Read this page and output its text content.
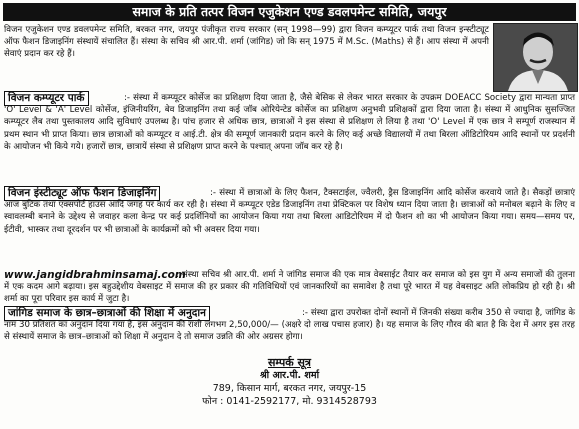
समाज के प्रति तत्पर विजन एजुकेशन एण्ड डवलपमेन्ट समिति, जयपुर
विजन एजुकेशन एण्ड डवलपमेन्ट समिति, बरकत नगर, जयपुर पंजीकृत राज्य सरकार (सन् 1998—99) द्वारा विजन कम्प्यूटर पार्क तथा विजन इन्स्टीट्यूट ऑफ फैशन डिजाइनिंग संस्थायें संचालित हैं। संस्था के सचिव श्री आर.पी. शर्मा (जांगिड) जो कि सन् 1975 में M.Sc. (Maths) से हैं। आप संस्था में अपनी सेवाएं प्रदान कर रहे हैं।
विजन कम्प्यूटर पार्क	:- संस्था में कम्प्यूटर कोर्सेज का प्रशिक्षण दिया जाता है, जैसे बेसिक से लेकर भारत सरकार के उपक्रम DOEACC Society द्वारा मान्यता प्राप्त 'O' Level & 'A' Level कोर्सेज, इंजिनीयरिंग, बेव डिजाइनिंग तथा कई जॉब ओरियेन्टेड कोर्सेज का प्रशिक्षण अनुभवी प्रशिक्षकों द्वारा दिया जाता है। संस्था में आधुनिक सुसज्जित कम्प्यूटर लैब तथा पुस्तकालय आदि सुविधाएं उपलब्ध है। पांच हजार से अधिक छात्र, छात्राओं ने इस संस्था से प्रशिक्षण ले लिया है तथा 'O' Level में एक छात्र ने सम्पूर्ण राजस्थान में प्रथम स्थान भी प्राप्त किया। छात्र छात्राओं को कम्प्यूटर व आई.टी. क्षेत्र की सम्पूर्ण जानकारी प्रदान करने के लिए कई अच्छे विद्यालयों में तथा बिरला ऑडिटोरियम आदि स्थानों पर प्रदर्शनी के आयोजन भी किये गये। हजारों छात्र, छात्रायें संस्था से प्रशिक्षण प्राप्त करने के पश्चात् अपना जॉब कर रहे है।
विजन इंस्टीट्यूट ऑफ फैशन डिजाइनिंग	:- संस्था में छात्राओं के लिए फैशन, टैक्सटाईल, ज्वैलरी, ड्रैस डिजाइनिंग आदि कोर्सेज करवाये जाते है। सैकड़ों छात्राएं आज बुटिक तथा एक्सपोर्ट हाउस आदि जगह पर कार्य कर रही है। संस्था में कम्प्यूटर एडेड डिजाइनिंग तथा प्रेक्टिकल पर विशेष ध्यान दिया जाता है। छात्राओं को मनोबल बढ़ाने के लिए व स्वावलम्बी बनाने के उद्देश्य से जवाहर कला केन्द्र पर कई प्रदर्शिनियों का आयोजन किया गया तथा बिरला आडिटोरियम में दो फैशन शो का भी आयोजन किया गया। समय—समय पर, ईटीवी, भास्कर तथा दूरदर्शन पर भी छात्राओं के कार्यक्रमों को भी अवसर दिया गया।
www.jangidbrahminsamaj.com
:-संस्था सचिव श्री आर.पी. शर्मा ने जांगिड समाज की एक मात्र वेबसाईट तैयार कर समाज को इस युग में अन्य समाजों की तुलना में एक कदम आगे बढ़ाया। इस बहुउद्देशीय वेबसाइट में समाज की हर प्रकार की गतिविधियों एवं जानकारियों का समावेश है तथा पूरे भारत में यह वेबसाइट अति लोकप्रिय हो रही है। श्री शर्मा का पूरा परिवार इस कार्य में जुटा है।
जांगिड समाज के छात्र–छात्राओं की शिक्षा में अनुदान	:- संस्था द्वारा उपरोक्त दोनों स्थानों में जिनकी संख्या करीब 350 से ज्यादा है, जांगिड के नाम 30 प्रतिशत का अनुदान दिया गया है, इस अनुदान की राशी लगभग 2,50,000/— (अक्षरे दो लाख पचास हजार) है। यह समाज के लिए गौरव की बात है कि देश में अगर इस तरह से संस्थायें समाज के छात्र–छात्राओं को शिक्षा में अनुदान दे तो समाज उन्नति की ओर अग्रसर होगा।
सम्पर्क सूत्र
श्री आर.पी. शर्मा
789, किसान मार्ग, बरकत नगर, जयपुर-15
फोन : 0141-2592177, मो. 9314528793
